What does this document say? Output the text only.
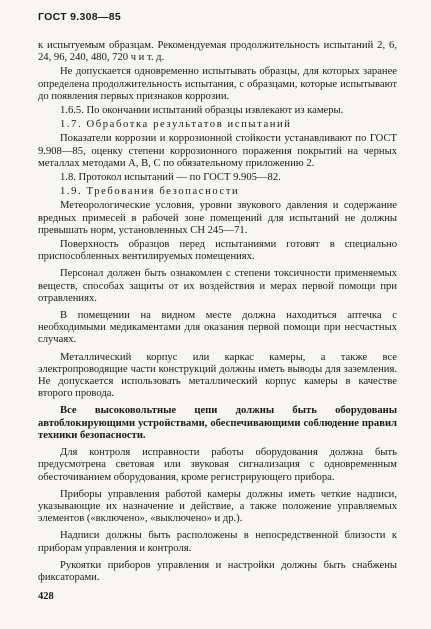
ГОСТ 9.308—85

к испытуемым образцам. Рекомендуемая продолжительность испытаний 2, 6, 24, 96, 240, 480, 720 ч и т. д.

Не допускается одновременно испытывать образцы, для которых заранее определена продолжительность испытания, с образцами, которые испытывают до появления первых признаков коррозии.

1.6.5. По окончании испытаний образцы извлекают из камеры.

1.7. Обработка результатов испытаний

Показатели коррозии и коррозионной стойкости устанавливают по ГОСТ 9.908—85, оценку степени коррозионного поражения покрытий на черных металлах методами А, В, С по обязательному приложению 2.

1.8. Протокол испытаний — по ГОСТ 9.905—82.

1.9. Требования безопасности

Метеорологические условия, уровни звукового давления и содержание вредных примесей в рабочей зоне помещений для испытаний не должны превышать норм, установленных СН 245—71.

Поверхность образцов перед испытаниями готовят в специально приспособленных вентилируемых помещениях.

Персонал должен быть ознакомлен с степени токсичности применяемых веществ, способах защиты от их воздействия и мерах первой помощи при отравлениях.

В помещении на видном месте должна находиться аптечка с необходимыми медикаментами для оказания первой помощи при несчастных случаях.

Металлический корпус или каркас камеры, а также все электропроводящие части конструкций должны иметь выводы для заземления. Не допускается использовать металлический корпус камеры в качестве второго провода.

Все высоковольтные цепи должны быть оборудованы автоблокирующими устройствами, обеспечивающими соблюдение правил техники безопасности.

Для контроля исправности работы оборудования должна быть предусмотрена световая или звуковая сигнализация с одновременным обесточиванием оборудования, кроме регистрирующего прибора.

Приборы управления работой камеры должны иметь четкие надписи, указывающие их назначение и действие, а также положение управляемых элементов («включено», «выключено» и др.).

Надписи должны быть расположены в непосредственной близости к приборам управления и контроля.

Рукоятки приборов управления и настройки должны быть снабжены фиксаторами.

428
